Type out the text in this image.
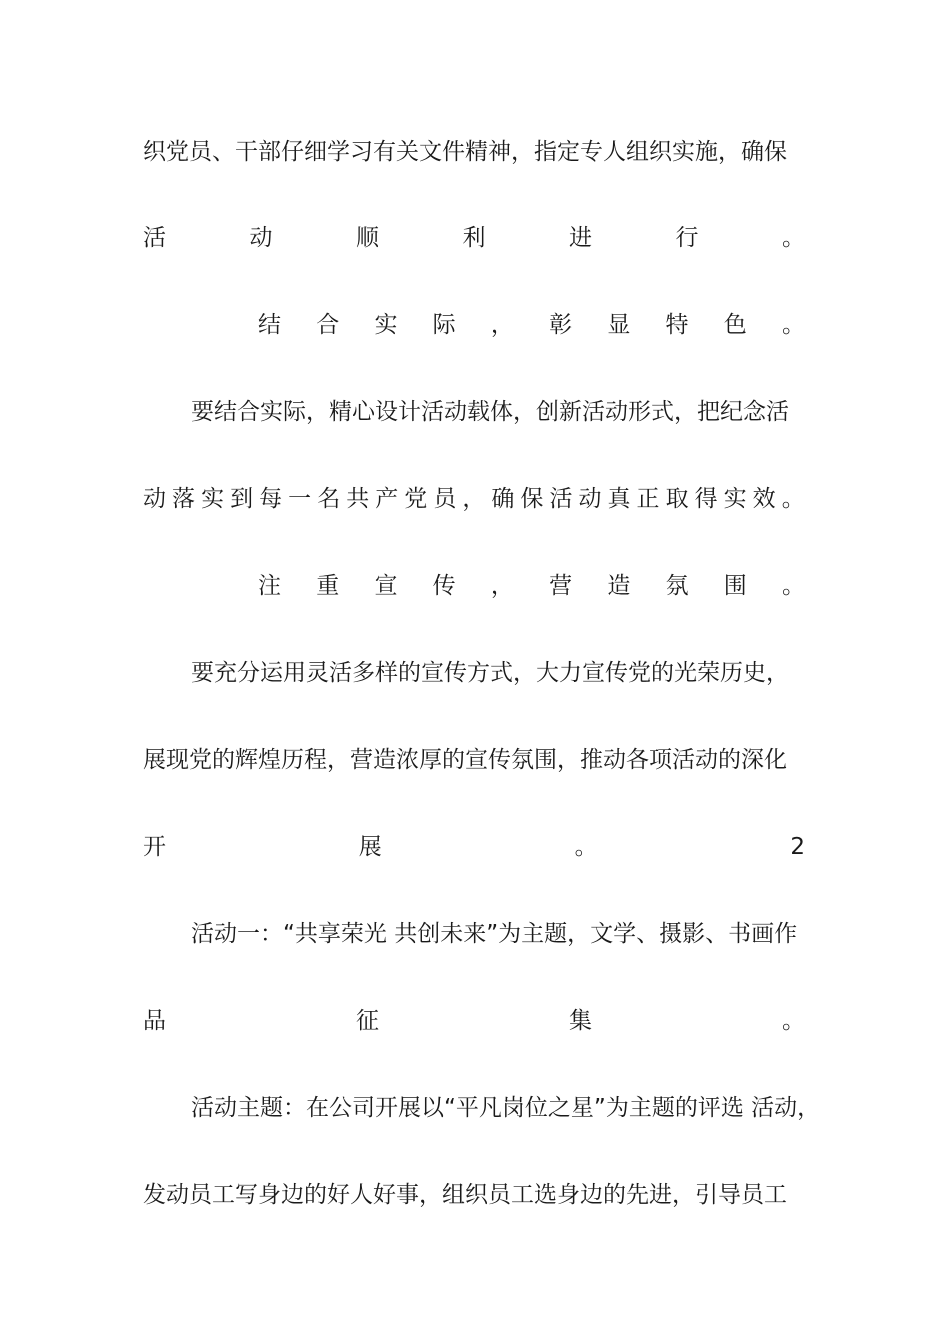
织党员、干部仔细学习有关文件精神，指定专人组织实施，确保
活	动	顺	利	进	行	。
结 合 实 际 ， 彰 显 特 色 。
要结合实际，精心设计活动载体，创新活动形式，把纪念活
动 落 实 到 每 一 名 共 产 党 员 ， 确 保 活 动 真 正 取 得 实 效 。
注 重 宣 传 ， 营 造 氛 围 。
要充分运用灵活多样的宣传方式，大力宣传党的光荣历史，
展现党的辉煌历程，营造浓厚的宣传氛围，推动各项活动的深化
开	展	。	2
活动一：“共享荣光 共创未来”为主题，文学、摄影、书画作
品	征	集	。
活动主题：在公司开展以“平凡岗位之星”为主题的评选 活动，
发动员工写身边的好人好事，组织员工选身边的先进，引导员工
